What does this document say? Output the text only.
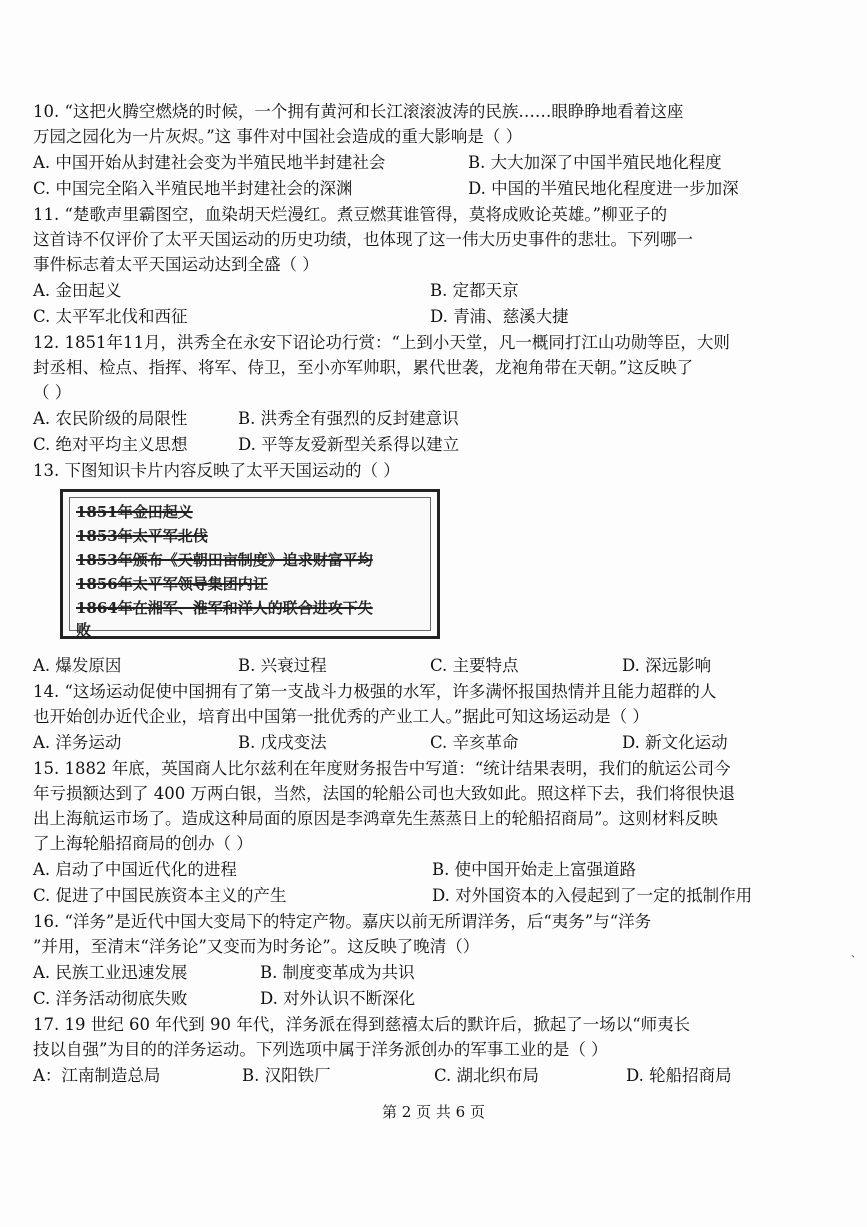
10. “这把火腾空燃烧的时候，一个拥有黄河和长江滚滚波涛的民族……眼睁睁地看着这座
万园之园化为一片灰烬。”这 事件对中国社会造成的重大影响是（ ）
A. 中国开始从封建社会变为半殖民地半封建社会	B. 大大加深了中国半殖民地化程度
C. 中国完全陷入半殖民地半封建社会的深渊	D. 中国的半殖民地化程度进一步加深
11. “楚歌声里霸图空，血染胡天烂漫红。煮豆燃萁谁管得，莫将成败论英雄。”柳亚子的
这首诗不仅评价了太平天国运动的历史功绩，也体现了这一伟大历史事件的悲壮。下列哪一
事件标志着太平天国运动达到全盛（ ）
A. 金田起义	B. 定都天京
C. 太平军北伐和西征	D. 青浦、慈溪大捷
12. 1851年11月，洪秀全在永安下诏论功行赏：“上到小天堂，凡一概同打江山功勋等臣，大则
封丞相、检点、指挥、将军、侍卫，至小亦军帅职，累代世袭，龙袍角带在天朝。”这反映了
（ ）
A. 农民阶级的局限性	B. 洪秀全有强烈的反封建意识
C. 绝对平均主义思想	D. 平等友爱新型关系得以建立
13. 下图知识卡片内容反映了太平天国运动的（ ）
1851年金田起义
1853年太平军北伐
1853年颁布《天朝田亩制度》追求财富平均
1856年太平军领导集团内讧
1864年在湘军、淮军和洋人的联合进攻下失
败
A. 爆发原因	B. 兴衰过程	C. 主要特点	D. 深远影响
14. “这场运动促使中国拥有了第一支战斗力极强的水军，许多满怀报国热情并且能力超群的人
也开始创办近代企业，培育出中国第一批优秀的产业工人。”据此可知这场运动是（ ）
A. 洋务运动	B. 戊戌变法	C. 辛亥革命	D. 新文化运动
15. 1882 年底，英国商人比尔兹利在年度财务报告中写道：“统计结果表明，我们的航运公司今
年亏损额达到了 400 万两白银，当然，法国的轮船公司也大致如此。照这样下去，我们将很快退
出上海航运市场了。造成这种局面的原因是李鸿章先生蒸蒸日上的轮船招商局”。这则材料反映
了上海轮船招商局的创办（ ）
A. 启动了中国近代化的进程	B. 使中国开始走上富强道路
C. 促进了中国民族资本主义的产生	D. 对外国资本的入侵起到了一定的抵制作用
16. “洋务”是近代中国大变局下的特定产物。嘉庆以前无所谓洋务，后“夷务”与“洋务
”并用，至清末“洋务论”又变而为时务论”。这反映了晚清（）
A. 民族工业迅速发展	B. 制度变革成为共识
C. 洋务活动彻底失败	D. 对外认识不断深化
17. 19 世纪 60 年代到 90 年代，洋务派在得到慈禧太后的默许后，掀起了一场以“师夷长
技以自强”为目的的洋务运动。下列选项中属于洋务派创办的军事工业的是（ ）
A：江南制造总局	B. 汉阳铁厂	C. 湖北织布局	D. 轮船招商局
第 2 页 共 6 页
、
